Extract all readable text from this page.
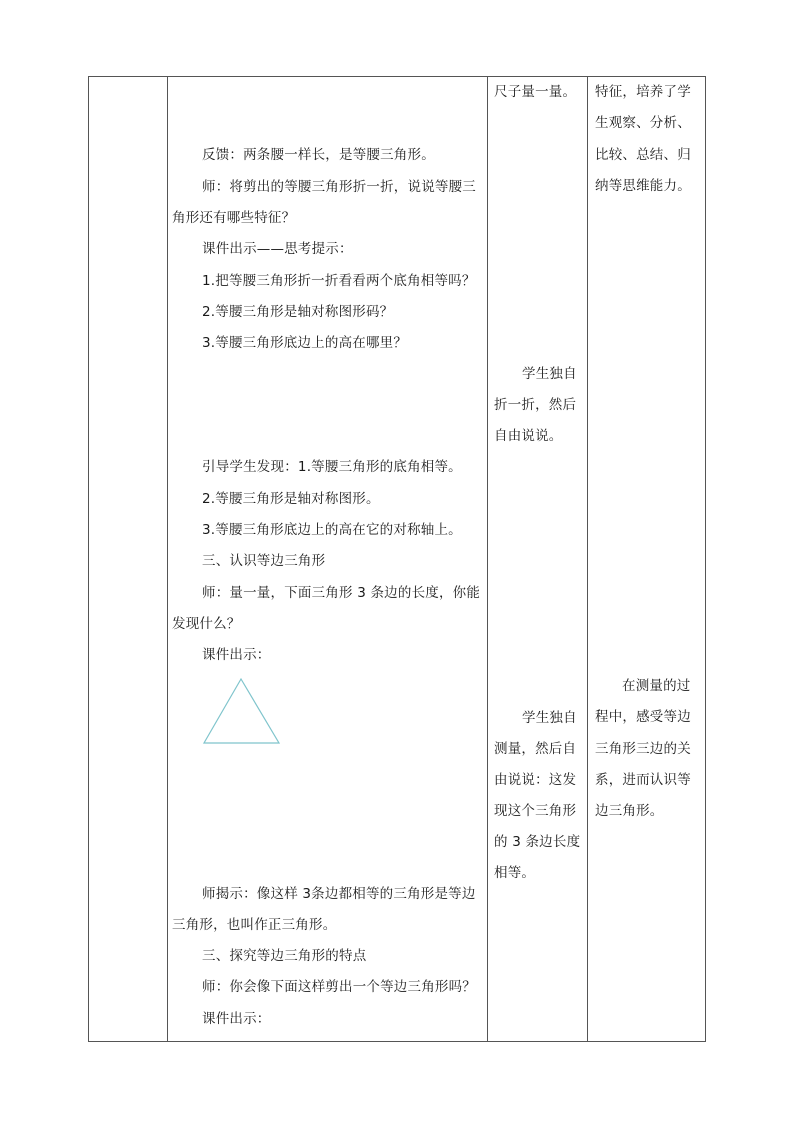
反馈：两条腰一样长，是等腰三角形。
师：将剪出的等腰三角形折一折，说说等腰三
角形还有哪些特征？
课件出示——思考提示：
1.把等腰三角形折一折看看两个底角相等吗？
2.等腰三角形是轴对称图形码？
3.等腰三角形底边上的高在哪里？
引导学生发现：1.等腰三角形的底角相等。
2.等腰三角形是轴对称图形。
3.等腰三角形底边上的高在它的对称轴上。
三、认识等边三角形
师：量一量，下面三角形 3 条边的长度，你能
发现什么？
课件出示：
师揭示：像这样 3条边都相等的三角形是等边
三角形，也叫作正三角形。
三、探究等边三角形的特点
师：你会像下面这样剪出一个等边三角形吗？
课件出示：
尺子量一量。
学生独自
折一折，然后
自由说说。
学生独自
测量，然后自
由说说：这发
现这个三角形
的 3 条边长度
相等。
特征，培养了学
生观察、分析、
比较、总结、归
纳等思维能力。
在测量的过
程中，感受等边
三角形三边的关
系，进而认识等
边三角形。
